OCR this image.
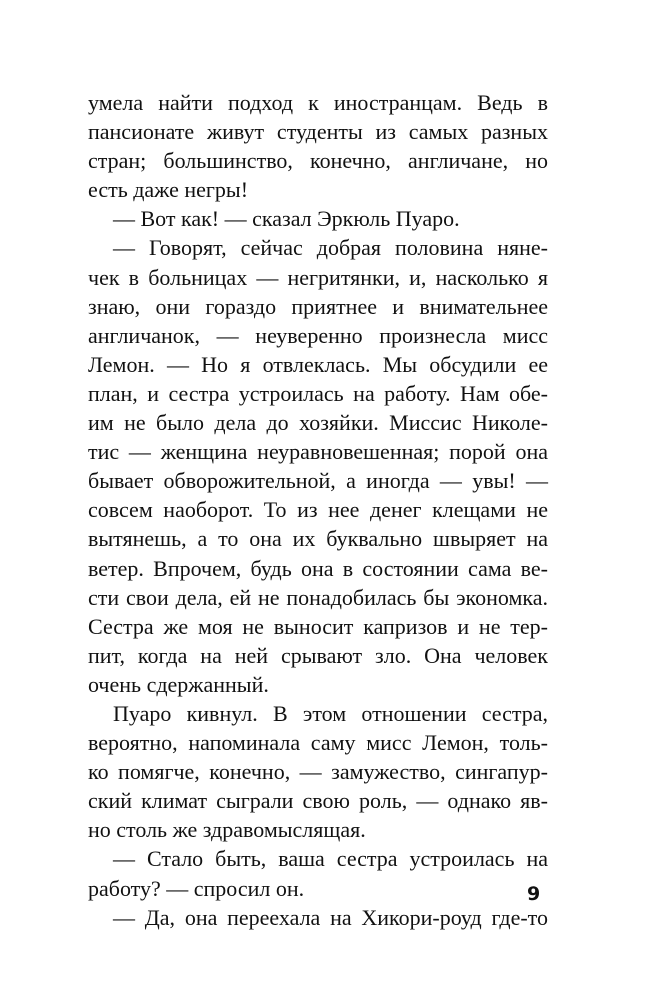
умела найти подход к иностранцам. Ведь в
пансионате живут студенты из самых разных
стран; большинство, конечно, англичане, но
есть даже негры!
— Вот как! — сказал Эркюль Пуаро.
— Говорят, сейчас добрая половина няне-
чек в больницах — негритянки, и, насколько я
знаю, они гораздо приятнее и внимательнее
англичанок, — неуверенно произнесла мисс
Лемон. — Но я отвлеклась. Мы обсудили ее
план, и сестра устроилась на работу. Нам обе-
им не было дела до хозяйки. Миссис Николе-
тис — женщина неуравновешенная; порой она
бывает обворожительной, а иногда — увы! —
совсем наоборот. То из нее денег клещами не
вытянешь, а то она их буквально швыряет на
ветер. Впрочем, будь она в состоянии сама ве-
сти свои дела, ей не понадобилась бы экономка.
Сестра же моя не выносит капризов и не тер-
пит, когда на ней срывают зло. Она человек
очень сдержанный.
Пуаро кивнул. В этом отношении сестра,
вероятно, напоминала саму мисс Лемон, толь-
ко помягче, конечно, — замужество, сингапур-
ский климат сыграли свою роль, — однако яв-
но столь же здравомыслящая.
— Стало быть, ваша сестра устроилась на
работу? — спросил он.
— Да, она переехала на Хикори-роуд где-то
9
